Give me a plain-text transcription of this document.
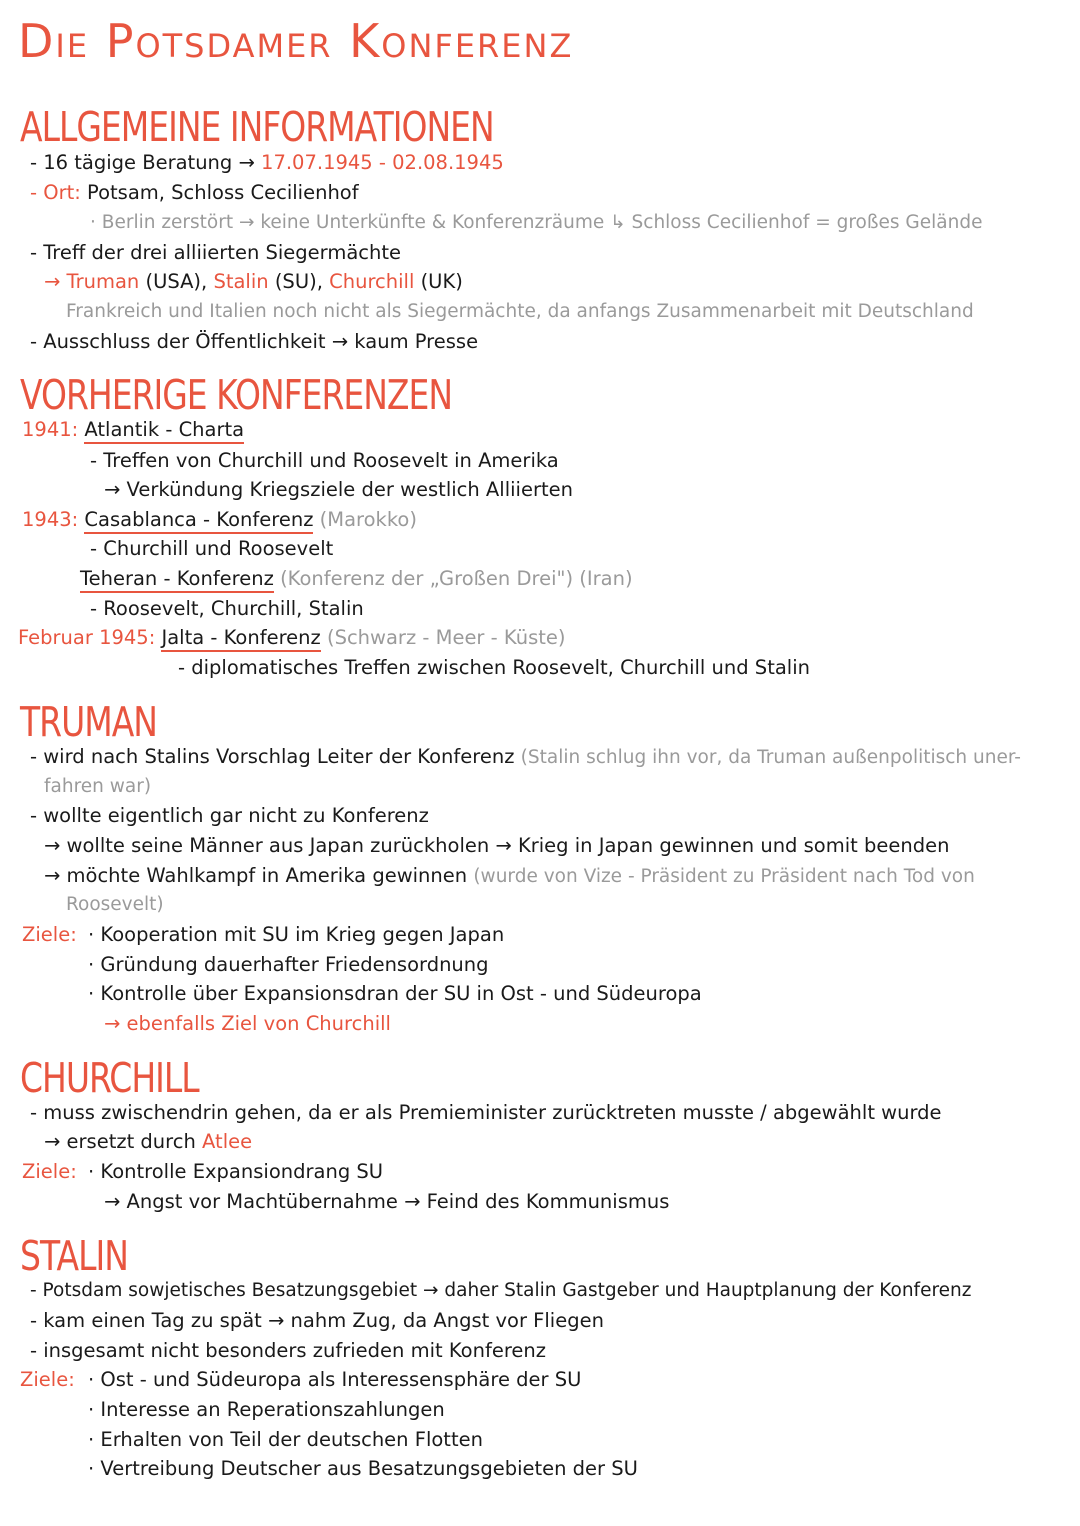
Die Potsdamer Konferenz
ALLGEMEINE INFORMATIONEN
- 16 tägige Beratung → 17.07.1945 - 02.08.1945
- Ort: Potsam, Schloss Cecilienhof
· Berlin zerstört → keine Unterkünfte & Konferenzräume ↳ Schloss Cecilienhof = großes Gelände
- Treff der drei alliierten Siegermächte
→ Truman (USA), Stalin (SU), Churchill (UK)
Frankreich und Italien noch nicht als Siegermächte, da anfangs Zusammenarbeit mit Deutschland
- Ausschluss der Öffentlichkeit → kaum Presse
VORHERIGE KONFERENZEN
1941: Atlantik - Charta
- Treffen von Churchill und Roosevelt in Amerika
→ Verkündung Kriegsziele der westlich Alliierten
1943: Casablanca - Konferenz (Marokko)
- Churchill und Roosevelt
Teheran - Konferenz (Konferenz der „Großen Drei") (Iran)
- Roosevelt, Churchill, Stalin
Februar 1945: Jalta - Konferenz (Schwarz - Meer - Küste)
- diplomatisches Treffen zwischen Roosevelt, Churchill und Stalin
TRUMAN
- wird nach Stalins Vorschlag Leiter der Konferenz (Stalin schlug ihn vor, da Truman außenpolitisch uner-
fahren war)
- wollte eigentlich gar nicht zu Konferenz
→ wollte seine Männer aus Japan zurückholen → Krieg in Japan gewinnen und somit beenden
→ möchte Wahlkampf in Amerika gewinnen (wurde von Vize - Präsident zu Präsident nach Tod von
Roosevelt)
Ziele: · Kooperation mit SU im Krieg gegen Japan
· Gründung dauerhafter Friedensordnung
· Kontrolle über Expansionsdran der SU in Ost - und Südeuropa
→ ebenfalls Ziel von Churchill
CHURCHILL
- muss zwischendrin gehen, da er als Premieminister zurücktreten musste / abgewählt wurde
→ ersetzt durch Atlee
Ziele: · Kontrolle Expansiondrang SU
→ Angst vor Machtübernahme → Feind des Kommunismus
STALIN
- Potsdam sowjetisches Besatzungsgebiet → daher Stalin Gastgeber und Hauptplanung der Konferenz
- kam einen Tag zu spät → nahm Zug, da Angst vor Fliegen
- insgesamt nicht besonders zufrieden mit Konferenz
Ziele: · Ost - und Südeuropa als Interessensphäre der SU
· Interesse an Reperationszahlungen
· Erhalten von Teil der deutschen Flotten
· Vertreibung Deutscher aus Besatzungsgebieten der SU
